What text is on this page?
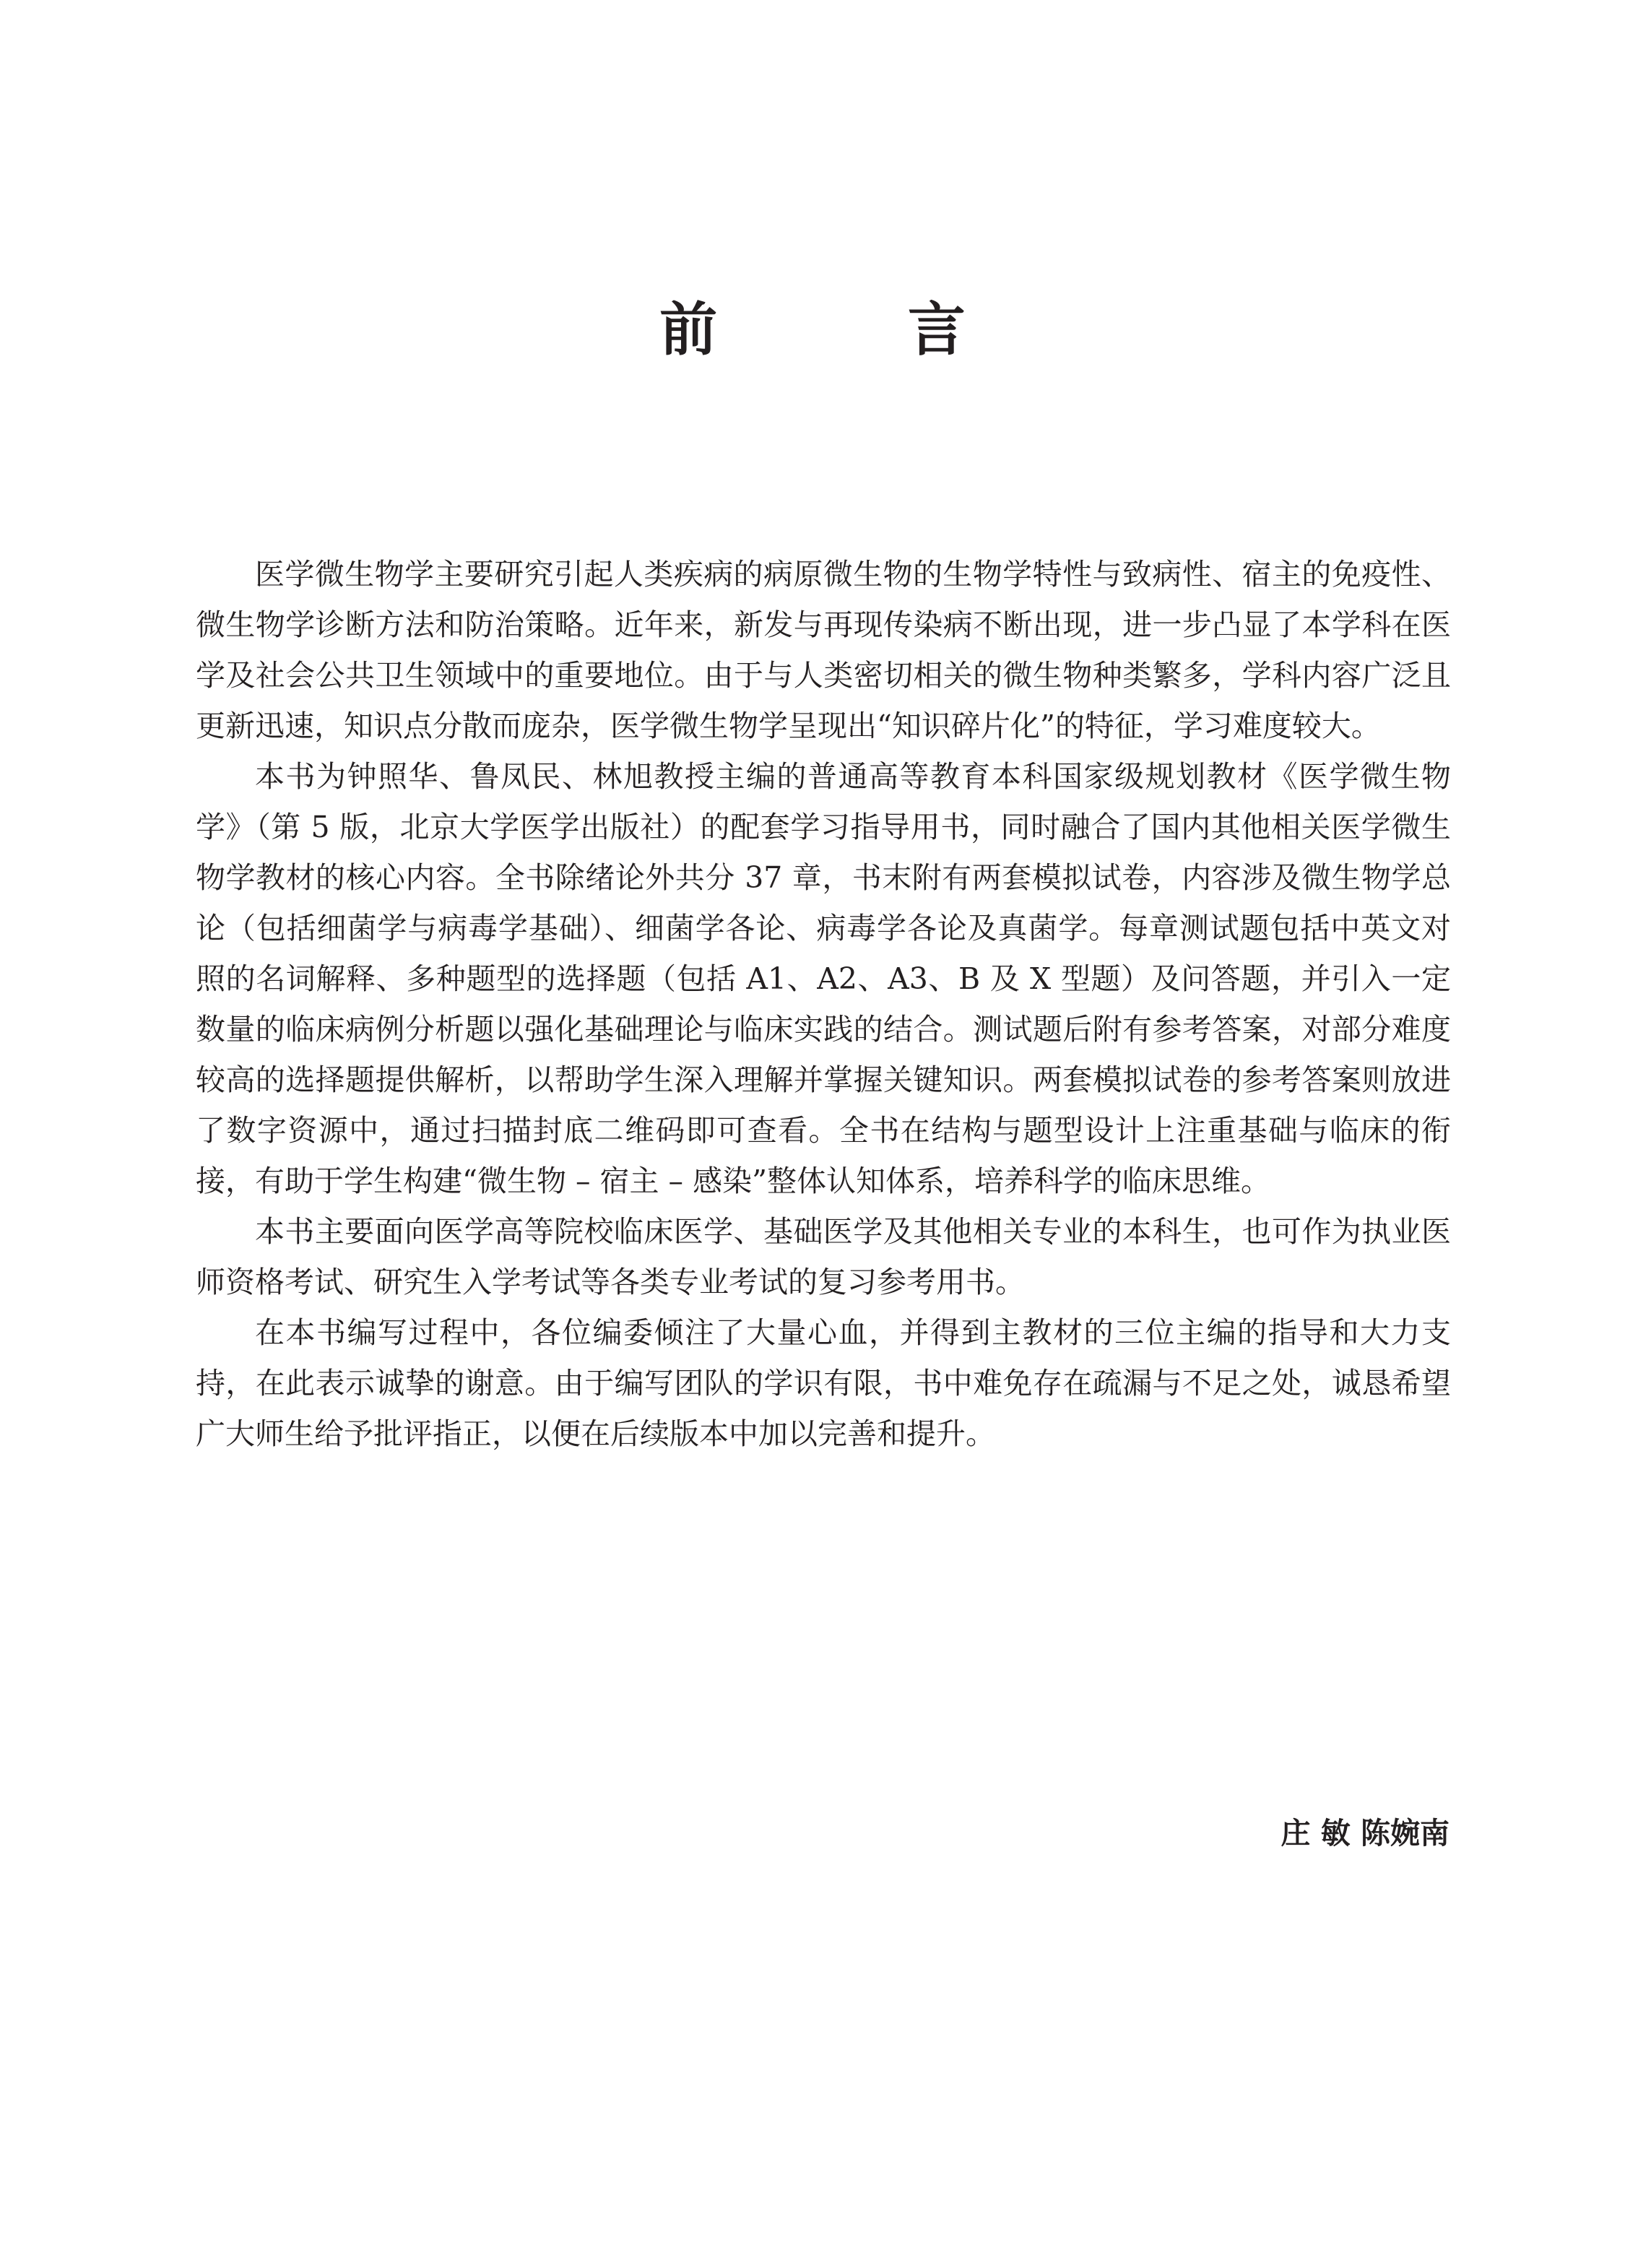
前 言

医学微生物学主要研究引起人类疾病的病原微生物的生物学特性与致病性、宿主的免疫性、微生物学诊断方法和防治策略。近年来，新发与再现传染病不断出现，进一步凸显了本学科在医学及社会公共卫生领域中的重要地位。由于与人类密切相关的微生物种类繁多，学科内容广泛且更新迅速，知识点分散而庞杂，医学微生物学呈现出“知识碎片化”的特征，学习难度较大。

本书为钟照华、鲁凤民、林旭教授主编的普通高等教育本科国家级规划教材《医学微生物学》（第 5 版，北京大学医学出版社）的配套学习指导用书，同时融合了国内其他相关医学微生物学教材的核心内容。全书除绪论外共分 37 章，书末附有两套模拟试卷，内容涉及微生物学总论（包括细菌学与病毒学基础）、细菌学各论、病毒学各论及真菌学。每章测试题包括中英文对照的名词解释、多种题型的选择题（包括 A1、A2、A3、B 及 X 型题）及问答题，并引入一定数量的临床病例分析题以强化基础理论与临床实践的结合。测试题后附有参考答案，对部分难度较高的选择题提供解析，以帮助学生深入理解并掌握关键知识。两套模拟试卷的参考答案则放进了数字资源中，通过扫描封底二维码即可查看。全书在结构与题型设计上注重基础与临床的衔接，有助于学生构建“微生物 – 宿主 – 感染”整体认知体系，培养科学的临床思维。

本书主要面向医学高等院校临床医学、基础医学及其他相关专业的本科生，也可作为执业医师资格考试、研究生入学考试等各类专业考试的复习参考用书。

在本书编写过程中，各位编委倾注了大量心血，并得到主教材的三位主编的指导和大力支持，在此表示诚挚的谢意。由于编写团队的学识有限，书中难免存在疏漏与不足之处，诚恳希望广大师生给予批评指正，以便在后续版本中加以完善和提升。

庄 敏 陈婉南
